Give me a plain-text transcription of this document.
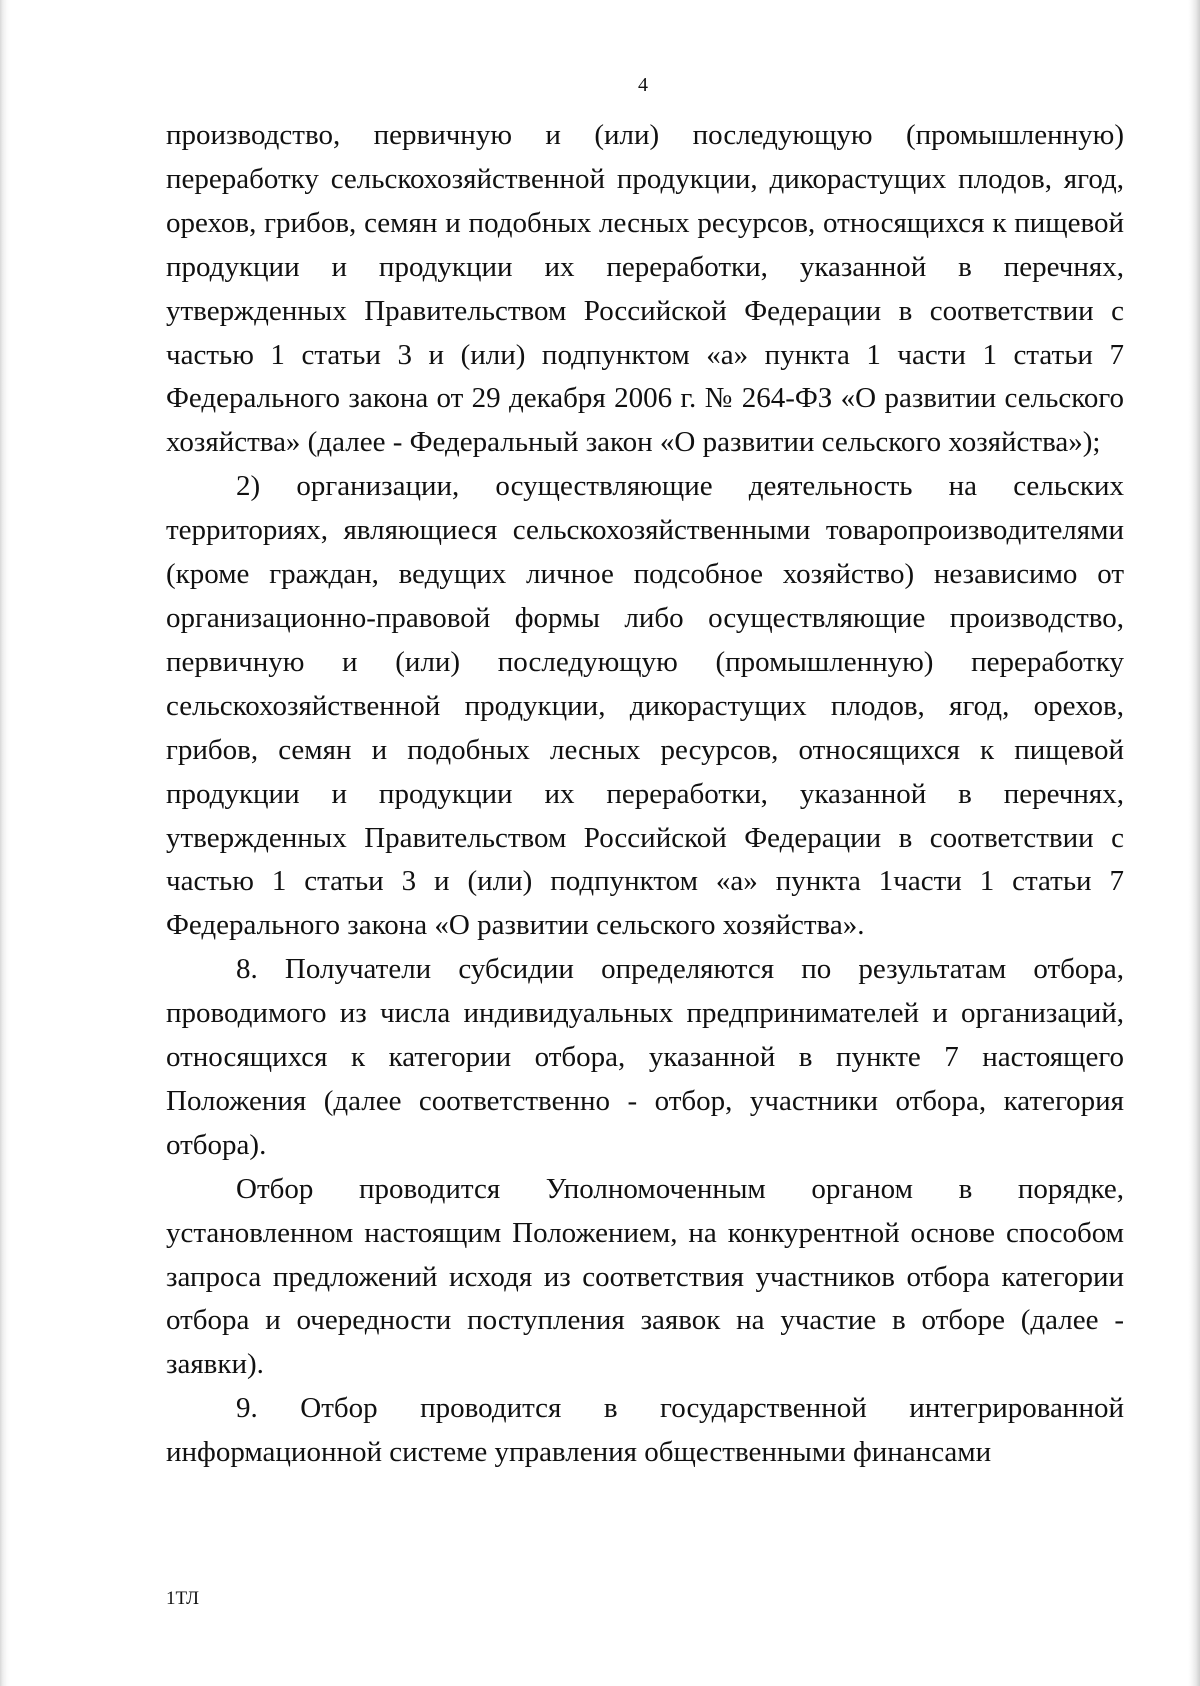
4

производство, первичную и (или) последующую (промышленную) переработку сельскохозяйственной продукции, дикорастущих плодов, ягод, орехов, грибов, семян и подобных лесных ресурсов, относящихся к пищевой продукции и продукции их переработки, указанной в перечнях, утвержденных Правительством Российской Федерации в соответствии с частью 1 статьи 3 и (или) подпунктом «а» пункта 1 части 1 статьи 7 Федерального закона от 29 декабря 2006 г. № 264-ФЗ «О развитии сельского хозяйства» (далее - Федеральный закон «О развитии сельского хозяйства»);

2) организации, осуществляющие деятельность на сельских территориях, являющиеся сельскохозяйственными товаропроизводителями (кроме граждан, ведущих личное подсобное хозяйство) независимо от организационно-правовой формы либо осуществляющие производство, первичную и (или) последующую (промышленную) переработку сельскохозяйственной продукции, дикорастущих плодов, ягод, орехов, грибов, семян и подобных лесных ресурсов, относящихся к пищевой продукции и продукции их переработки, указанной в перечнях, утвержденных Правительством Российской Федерации в соответствии с частью 1 статьи 3 и (или) подпунктом «а» пункта 1части 1 статьи 7 Федерального закона «О развитии сельского хозяйства».

8. Получатели субсидии определяются по результатам отбора, проводимого из числа индивидуальных предпринимателей и организаций, относящихся к категории отбора, указанной в пункте 7 настоящего Положения (далее соответственно - отбор, участники отбора, категория отбора).

Отбор проводится Уполномоченным органом в порядке, установленном настоящим Положением, на конкурентной основе способом запроса предложений исходя из соответствия участников отбора категории отбора и очередности поступления заявок на участие в отборе (далее - заявки).

9. Отбор проводится в государственной интегрированной информационной системе управления общественными финансами

1ТЛ
